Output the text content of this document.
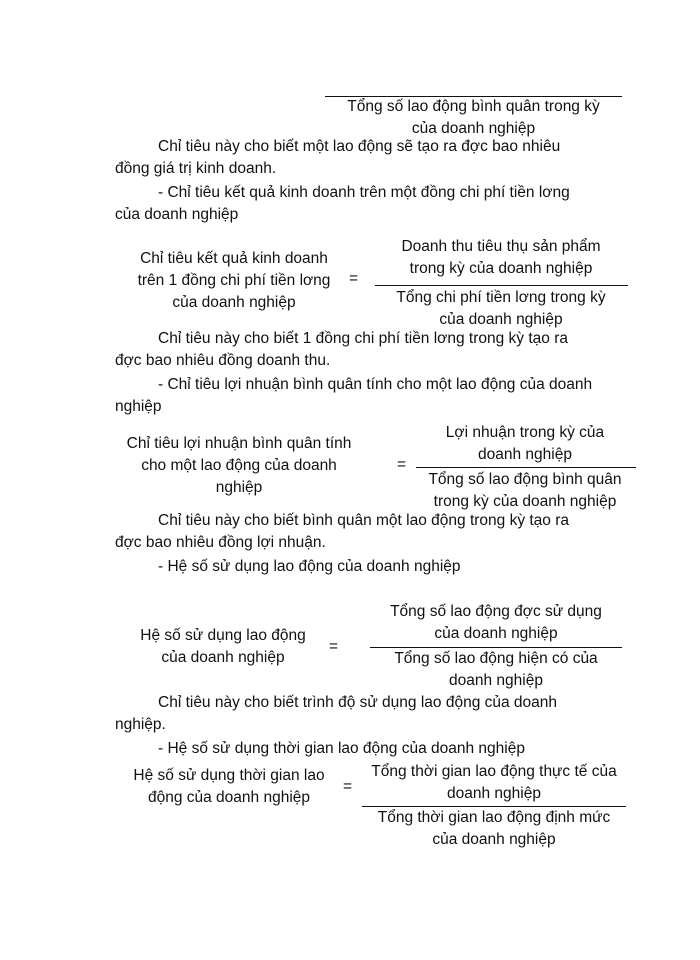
Tổng số lao động bình quân trong kỳ
của doanh nghiệp
Chỉ tiêu này cho biết một lao động sẽ tạo ra đợc bao nhiêu
đồng giá trị kinh doanh.
- Chỉ tiêu kết quả kinh doanh trên một đồng chi phí tiền lơng
của doanh nghiệp
Chỉ tiêu kết quả kinh doanh
trên 1 đồng chi phí tiền lơng
của doanh nghiệp
=
Doanh thu tiêu thụ sản phẩm
trong kỳ của doanh nghiệp
Tổng chi phí tiền lơng trong kỳ
của doanh nghiệp
Chỉ tiêu này cho biết 1 đồng chi phí tiền lơng trong kỳ tạo ra
đợc bao nhiêu đồng doanh thu.
- Chỉ tiêu lợi nhuận bình quân tính cho một lao động của doanh
nghiệp
Chỉ tiêu lợi nhuận bình quân tính
cho một lao động của doanh
nghiệp
=
Lợi nhuận trong kỳ của
doanh nghiệp
Tổng số lao động bình quân
trong kỳ của doanh nghiệp
Chỉ tiêu này cho biết bình quân một lao động trong kỳ tạo ra
đợc bao nhiêu đồng lợi nhuận.
- Hệ số sử dụng lao động của doanh nghiệp
Hệ số sử dụng lao động
của doanh nghiệp
=
Tổng số lao động đợc sử dụng
của doanh nghiệp
Tổng số lao động hiện có của
doanh nghiệp
Chỉ tiêu này cho biết trình độ sử dụng lao động của doanh
nghiệp.
- Hệ số sử dụng thời gian lao động của doanh nghiệp
Hệ số sử dụng thời gian lao
động của doanh nghiệp
=
Tổng thời gian lao động thực tế của
doanh nghiệp
Tổng thời gian lao động định mức
của doanh nghiệp
